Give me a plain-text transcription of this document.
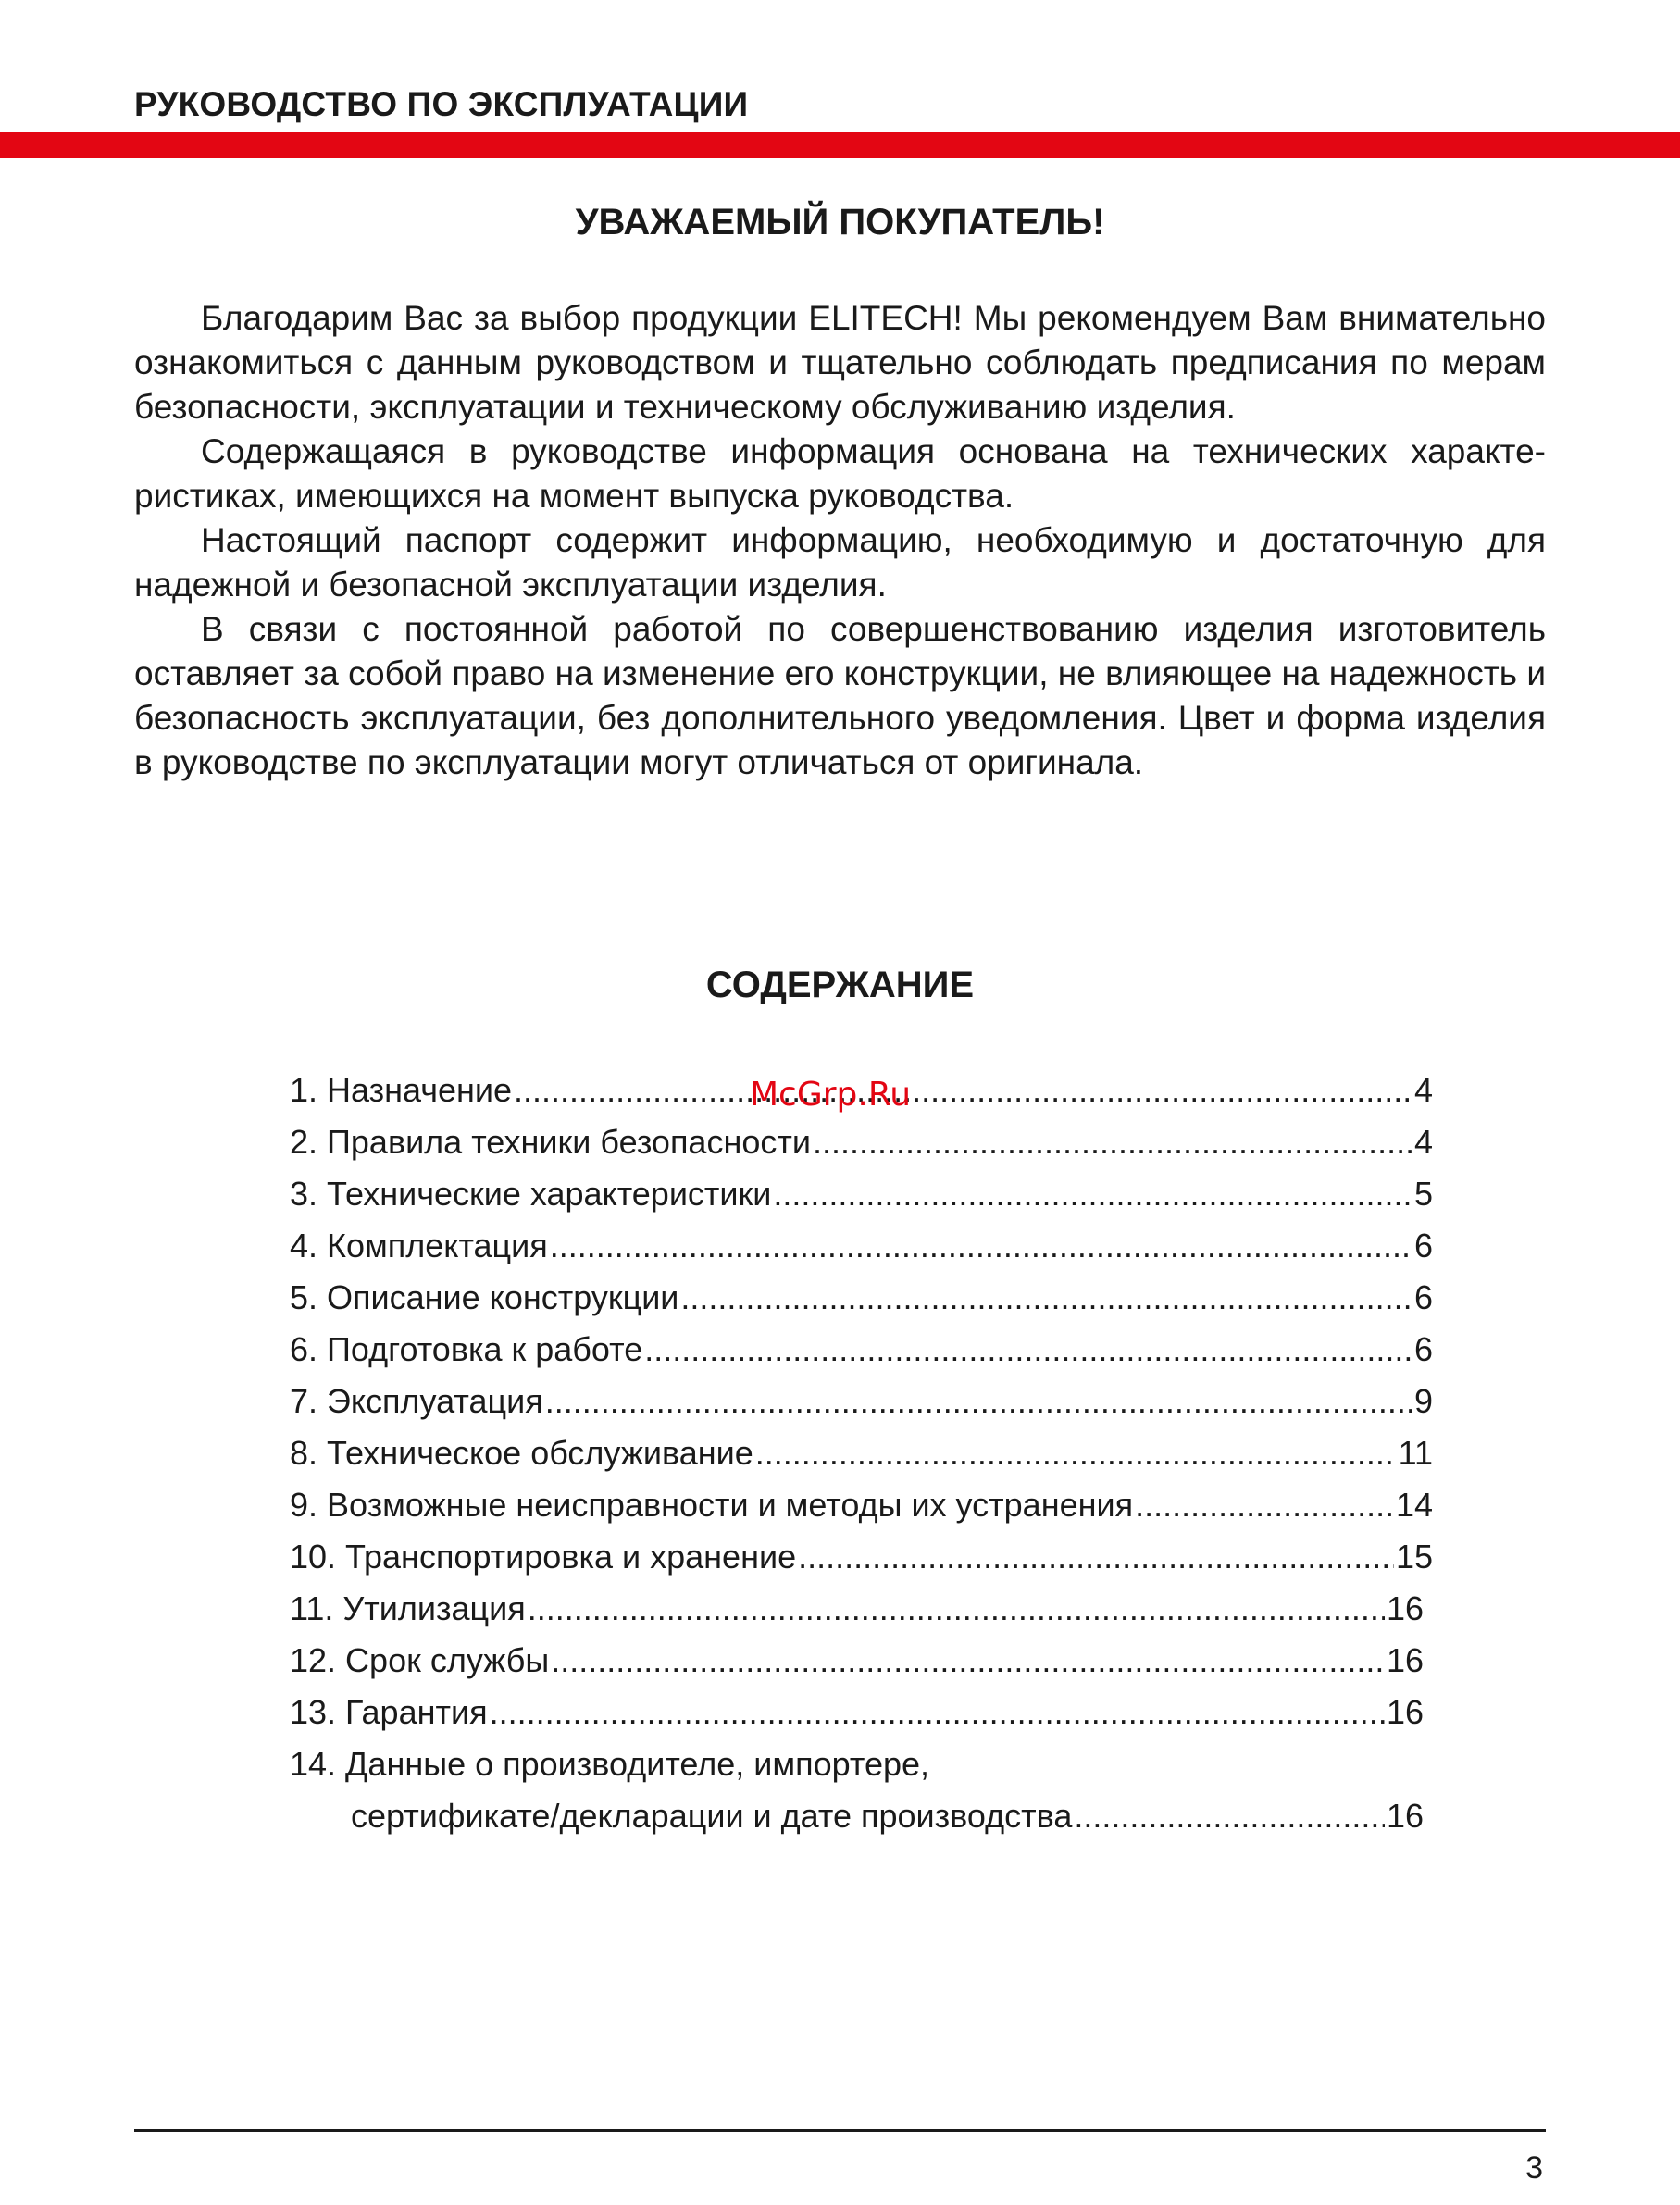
РУКОВОДСТВО ПО ЭКСПЛУАТАЦИИ
УВАЖАЕМЫЙ ПОКУПАТЕЛЬ!

Благодарим Вас за выбор продукции ELITECH! Мы рекомендуем Вам внимательно ознакомиться с данным руководством и тщательно соблюдать предписания по мерам безопасности, эксплуатации и техническому обслуживанию изделия.

Содержащаяся в руководстве информация основана на технических характеристиках, имеющихся на момент выпуска руководства.

Настоящий паспорт содержит информацию, необходимую и достаточную для надежной и безопасной эксплуатации изделия.

В связи с постоянной работой по совершенствованию изделия изготовитель оставляет за собой право на изменение его конструкции, не влияющее на надежность и безопасность эксплуатации, без дополнительного уведомления. Цвет и форма изделия в руководстве по эксплуатации могут отличаться от оригинала.

СОДЕРЖАНИЕ
1. Назначение .....	4
2. Правила техники безопасности .....	4
3. Технические характеристики .....	5
4. Комплектация .....	6
5. Описание конструкции .....	6
6. Подготовка к работе .....	6
7. Эксплуатация .....	9
8. Техническое обслуживание .....	11
9. Возможные неисправности и методы их устранения .....	14
10. Транспортировка и хранение .....	15
11. Утилизация .....	16
12. Срок службы .....	16
13. Гарантия .....	16
14. Данные о производителе, импортере,
сертификате/декларации и дате производства .....	16
McGrp.Ru
3
